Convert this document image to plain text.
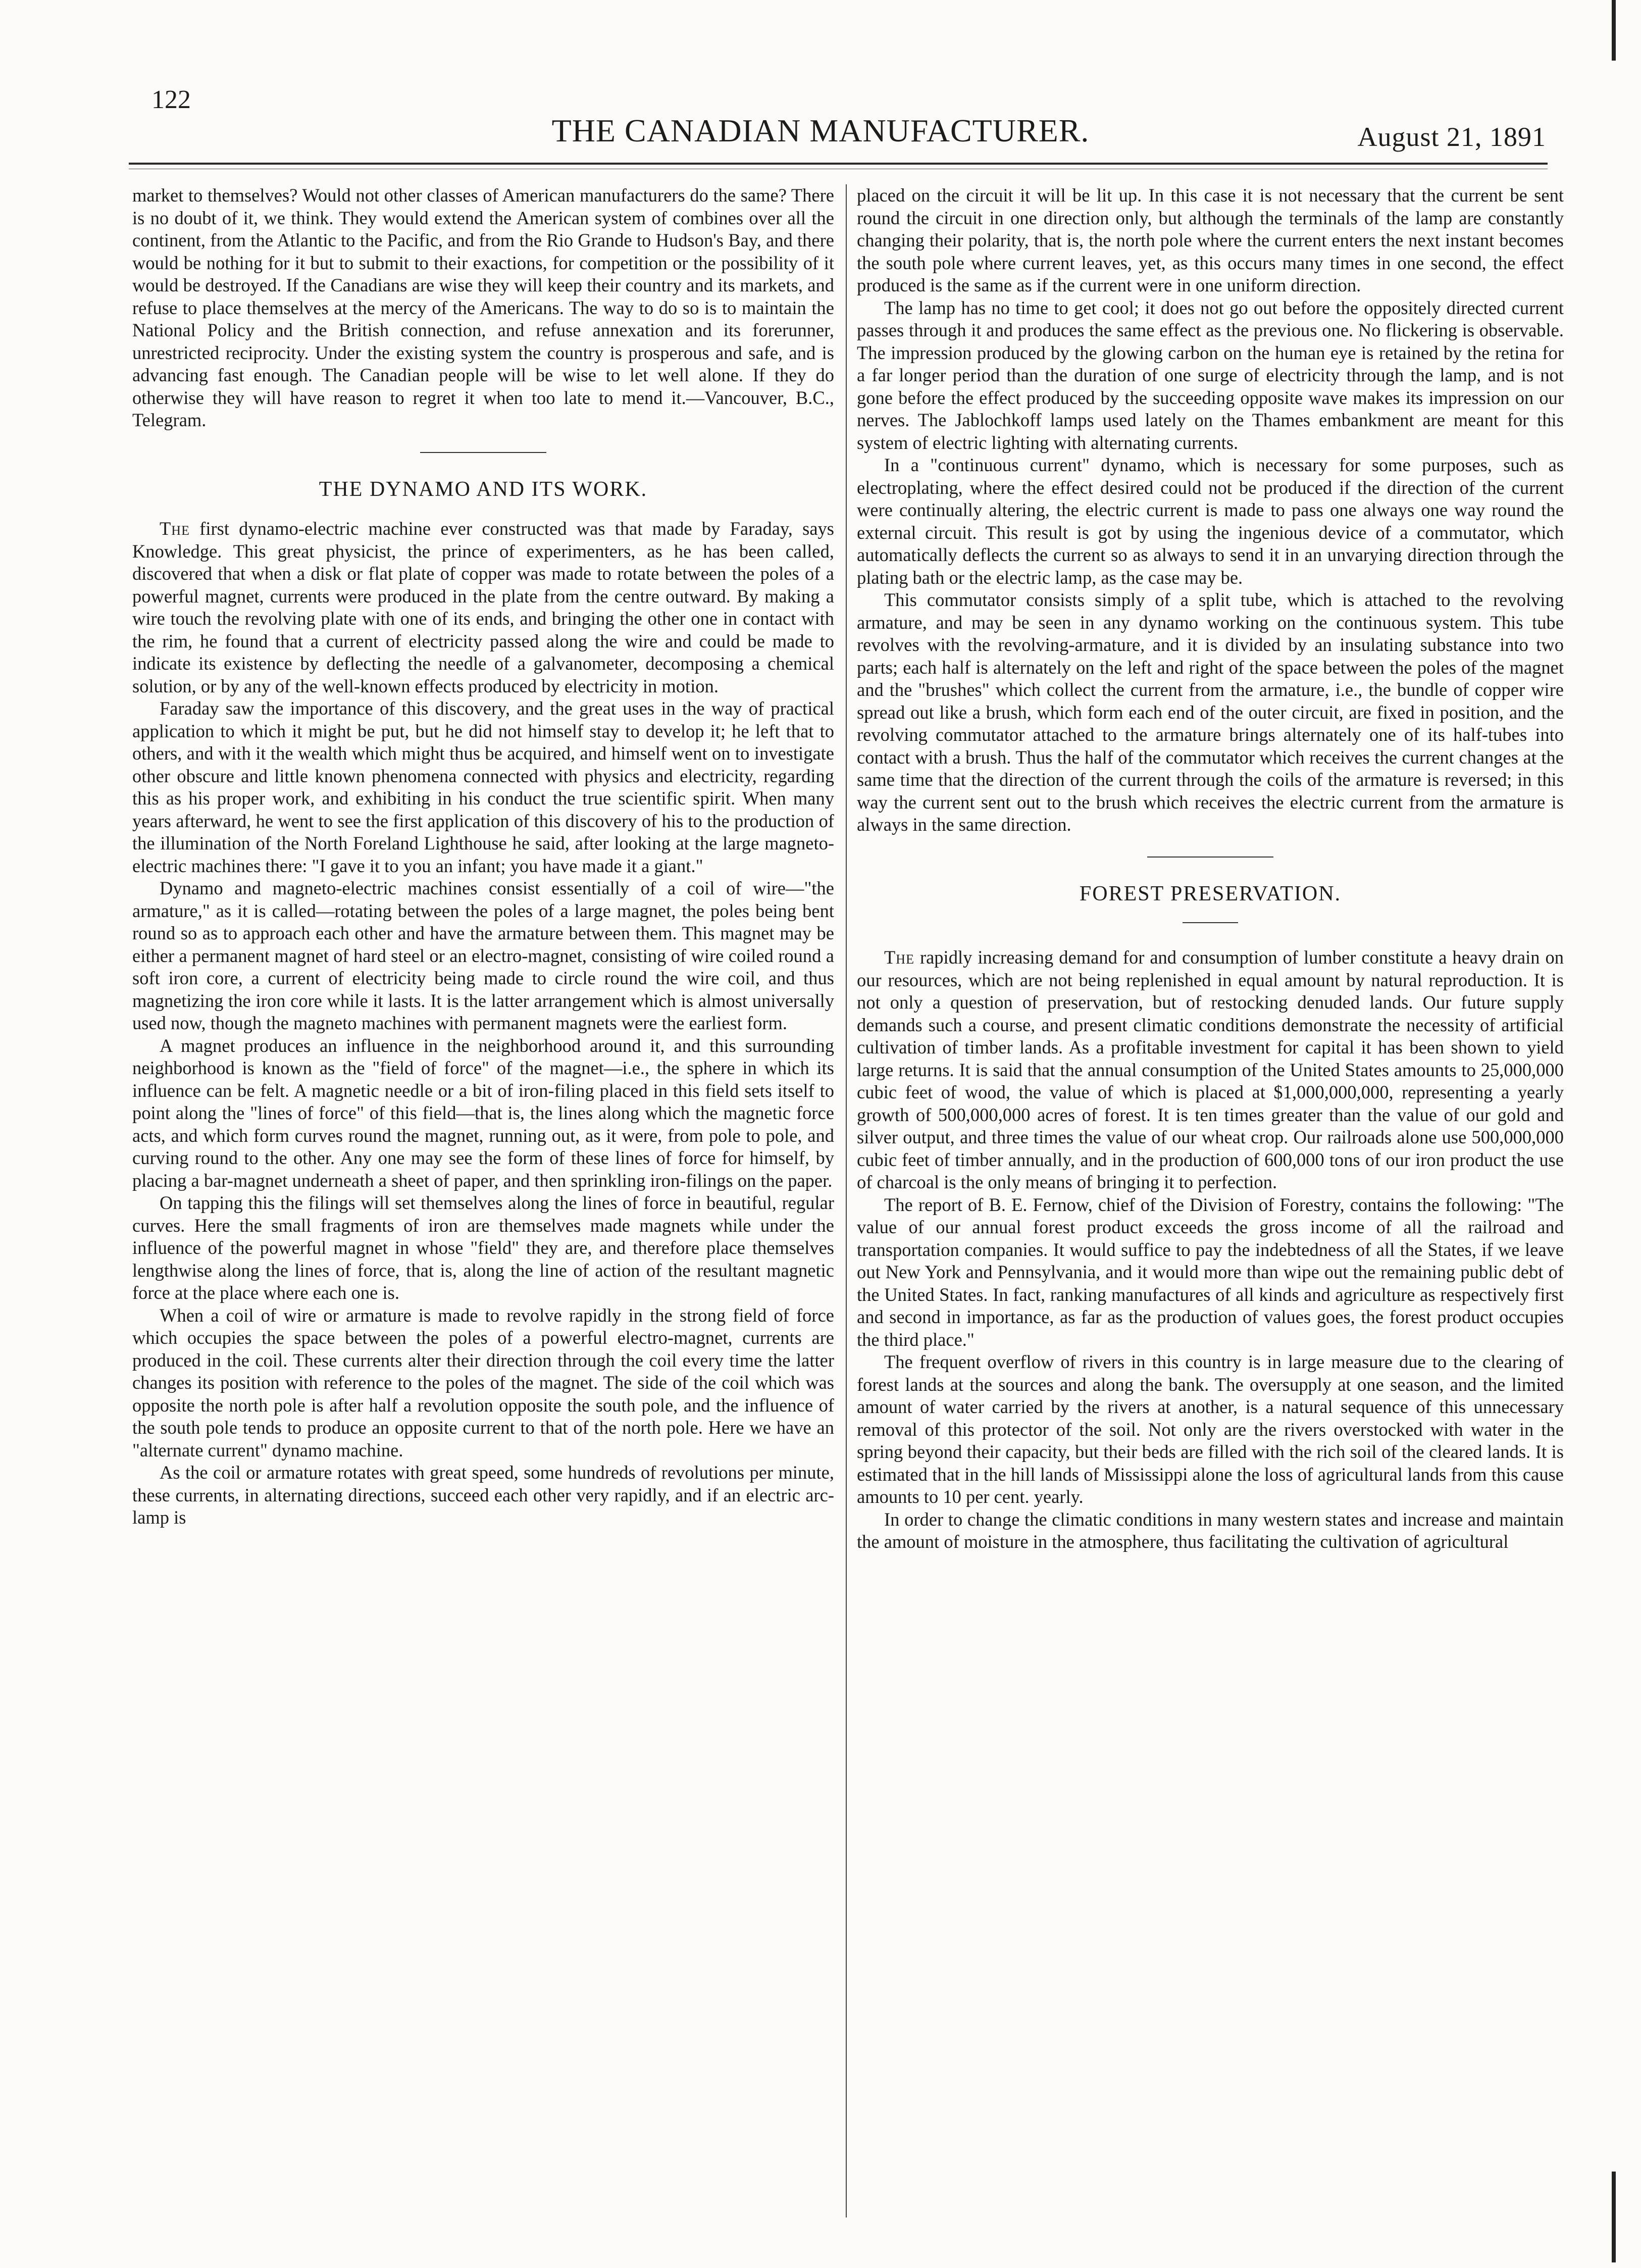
122
THE CANADIAN MANUFACTURER.	August 21, 1891

market to themselves? Would not other classes of American manufacturers do the same? There is no doubt of it, we think. They would extend the American system of combines over all the continent, from the Atlantic to the Pacific, and from the Rio Grande to Hudson's Bay, and there would be nothing for it but to submit to their exactions, for competition or the possibility of it would be destroyed. If the Canadians are wise they will keep their country and its markets, and refuse to place themselves at the mercy of the Americans. The way to do so is to maintain the National Policy and the British connection, and refuse annexation and its forerunner, unrestricted reciprocity. Under the existing system the country is prosperous and safe, and is advancing fast enough. The Canadian people will be wise to let well alone. If they do otherwise they will have reason to regret it when too late to mend it.—Vancouver, B.C., Telegram.

THE DYNAMO AND ITS WORK.

The first dynamo-electric machine ever constructed was that made by Faraday, says Knowledge. This great physicist, the prince of experimenters, as he has been called, discovered that when a disk or flat plate of copper was made to rotate between the poles of a powerful magnet, currents were produced in the plate from the centre outward. By making a wire touch the revolving plate with one of its ends, and bringing the other one in contact with the rim, he found that a current of electricity passed along the wire and could be made to indicate its existence by deflecting the needle of a galvanometer, decomposing a chemical solution, or by any of the well-known effects produced by electricity in motion.

Faraday saw the importance of this discovery, and the great uses in the way of practical application to which it might be put, but he did not himself stay to develop it; he left that to others, and with it the wealth which might thus be acquired, and himself went on to investigate other obscure and little known phenomena connected with physics and electricity, regarding this as his proper work, and exhibiting in his conduct the true scientific spirit. When many years afterward, he went to see the first application of this discovery of his to the production of the illumination of the North Foreland Lighthouse he said, after looking at the large magneto-electric machines there: "I gave it to you an infant; you have made it a giant."

Dynamo and magneto-electric machines consist essentially of a coil of wire—"the armature," as it is called—rotating between the poles of a large magnet, the poles being bent round so as to approach each other and have the armature between them. This magnet may be either a permanent magnet of hard steel or an electro-magnet, consisting of wire coiled round a soft iron core, a current of electricity being made to circle round the wire coil, and thus magnetizing the iron core while it lasts. It is the latter arrangement which is almost universally used now, though the magneto machines with permanent magnets were the earliest form.

A magnet produces an influence in the neighborhood around it, and this surrounding neighborhood is known as the "field of force" of the magnet—i.e., the sphere in which its influence can be felt. A magnetic needle or a bit of iron-filing placed in this field sets itself to point along the "lines of force" of this field—that is, the lines along which the magnetic force acts, and which form curves round the magnet, running out, as it were, from pole to pole, and curving round to the other. Any one may see the form of these lines of force for himself, by placing a bar-magnet underneath a sheet of paper, and then sprinkling iron-filings on the paper.

On tapping this the filings will set themselves along the lines of force in beautiful, regular curves. Here the small fragments of iron are themselves made magnets while under the influence of the powerful magnet in whose "field" they are, and therefore place themselves lengthwise along the lines of force, that is, along the line of action of the resultant magnetic force at the place where each one is.

When a coil of wire or armature is made to revolve rapidly in the strong field of force which occupies the space between the poles of a powerful electro-magnet, currents are produced in the coil. These currents alter their direction through the coil every time the latter changes its position with reference to the poles of the magnet. The side of the coil which was opposite the north pole is after half a revolution opposite the south pole, and the influence of the south pole tends to produce an opposite current to that of the north pole. Here we have an "alternate current" dynamo machine.

As the coil or armature rotates with great speed, some hundreds of revolutions per minute, these currents, in alternating directions, succeed each other very rapidly, and if an electric arc-lamp is

placed on the circuit it will be lit up. In this case it is not necessary that the current be sent round the circuit in one direction only, but although the terminals of the lamp are constantly changing their polarity, that is, the north pole where the current enters the next instant becomes the south pole where current leaves, yet, as this occurs many times in one second, the effect produced is the same as if the current were in one uniform direction.

The lamp has no time to get cool; it does not go out before the oppositely directed current passes through it and produces the same effect as the previous one. No flickering is observable. The impression produced by the glowing carbon on the human eye is retained by the retina for a far longer period than the duration of one surge of electricity through the lamp, and is not gone before the effect produced by the succeeding opposite wave makes its impression on our nerves. The Jablochkoff lamps used lately on the Thames embankment are meant for this system of electric lighting with alternating currents.

In a "continuous current" dynamo, which is necessary for some purposes, such as electroplating, where the effect desired could not be produced if the direction of the current were continually altering, the electric current is made to pass one always one way round the external circuit. This result is got by using the ingenious device of a commutator, which automatically deflects the current so as always to send it in an unvarying direction through the plating bath or the electric lamp, as the case may be.

This commutator consists simply of a split tube, which is attached to the revolving armature, and may be seen in any dynamo working on the continuous system. This tube revolves with the revolving-armature, and it is divided by an insulating substance into two parts; each half is alternately on the left and right of the space between the poles of the magnet and the "brushes" which collect the current from the armature, i.e., the bundle of copper wire spread out like a brush, which form each end of the outer circuit, are fixed in position, and the revolving commutator attached to the armature brings alternately one of its half-tubes into contact with a brush. Thus the half of the commutator which receives the current changes at the same time that the direction of the current through the coils of the armature is reversed; in this way the current sent out to the brush which receives the electric current from the armature is always in the same direction.

FOREST PRESERVATION.

The rapidly increasing demand for and consumption of lumber constitute a heavy drain on our resources, which are not being replenished in equal amount by natural reproduction. It is not only a question of preservation, but of restocking denuded lands. Our future supply demands such a course, and present climatic conditions demonstrate the necessity of artificial cultivation of timber lands. As a profitable investment for capital it has been shown to yield large returns. It is said that the annual consumption of the United States amounts to 25,000,000 cubic feet of wood, the value of which is placed at $1,000,000,000, representing a yearly growth of 500,000,000 acres of forest. It is ten times greater than the value of our gold and silver output, and three times the value of our wheat crop. Our railroads alone use 500,000,000 cubic feet of timber annually, and in the production of 600,000 tons of our iron product the use of charcoal is the only means of bringing it to perfection.

The report of B. E. Fernow, chief of the Division of Forestry, contains the following: "The value of our annual forest product exceeds the gross income of all the railroad and transportation companies. It would suffice to pay the indebtedness of all the States, if we leave out New York and Pennsylvania, and it would more than wipe out the remaining public debt of the United States. In fact, ranking manufactures of all kinds and agriculture as respectively first and second in importance, as far as the production of values goes, the forest product occupies the third place."

The frequent overflow of rivers in this country is in large measure due to the clearing of forest lands at the sources and along the bank. The oversupply at one season, and the limited amount of water carried by the rivers at another, is a natural sequence of this unnecessary removal of this protector of the soil. Not only are the rivers overstocked with water in the spring beyond their capacity, but their beds are filled with the rich soil of the cleared lands. It is estimated that in the hill lands of Mississippi alone the loss of agricultural lands from this cause amounts to 10 per cent. yearly.

In order to change the climatic conditions in many western states and increase and maintain the amount of moisture in the atmosphere, thus facilitating the cultivation of agricultural
